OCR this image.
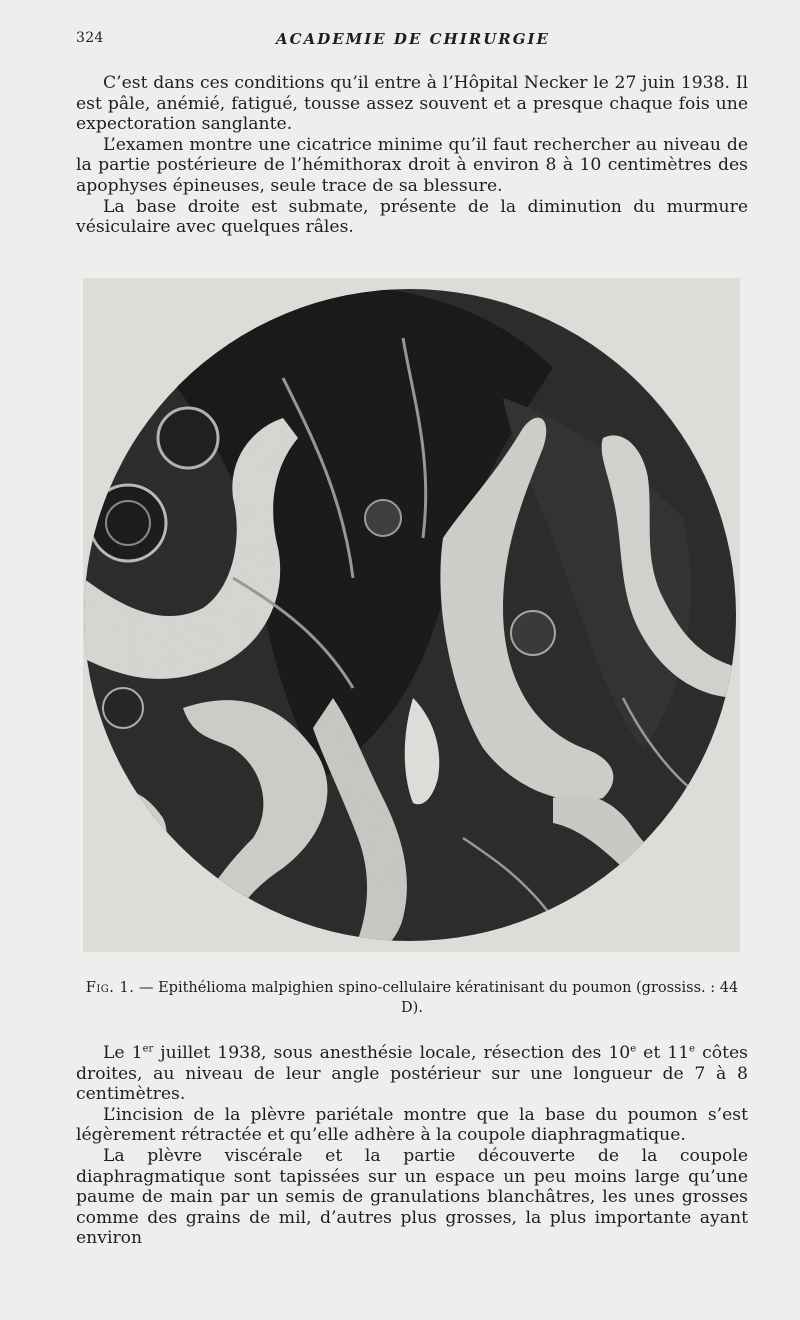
324	ACADEMIE DE CHIRURGIE

C’est dans ces conditions qu’il entre à l’Hôpital Necker le 27 juin 1938. Il est pâle, anémié, fatigué, tousse assez souvent et a presque chaque fois une expectoration sanglante.

L’examen montre une cicatrice minime qu’il faut rechercher au niveau de la partie postérieure de l’hémithorax droit à environ 8 à 10 centimètres des apophyses épineuses, seule trace de sa blessure.

La base droite est submate, présente de la diminution du murmure vésiculaire avec quelques râles.

Fig. 1. — Epithélioma malpighien spino-cellulaire kératinisant du poumon (grossiss. : 44 D).

Le 1er juillet 1938, sous anesthésie locale, résection des 10e et 11e côtes droites, au niveau de leur angle postérieur sur une longueur de 7 à 8 centimètres.

L’incision de la plèvre pariétale montre que la base du poumon s’est légèrement rétractée et qu’elle adhère à la coupole diaphragmatique.

La plèvre viscérale et la partie découverte de la coupole diaphragmatique sont tapissées sur un espace un peu moins large qu’une paume de main par un semis de granulations blanchâtres, les unes grosses comme des grains de mil, d’autres plus grosses, la plus importante ayant environ
